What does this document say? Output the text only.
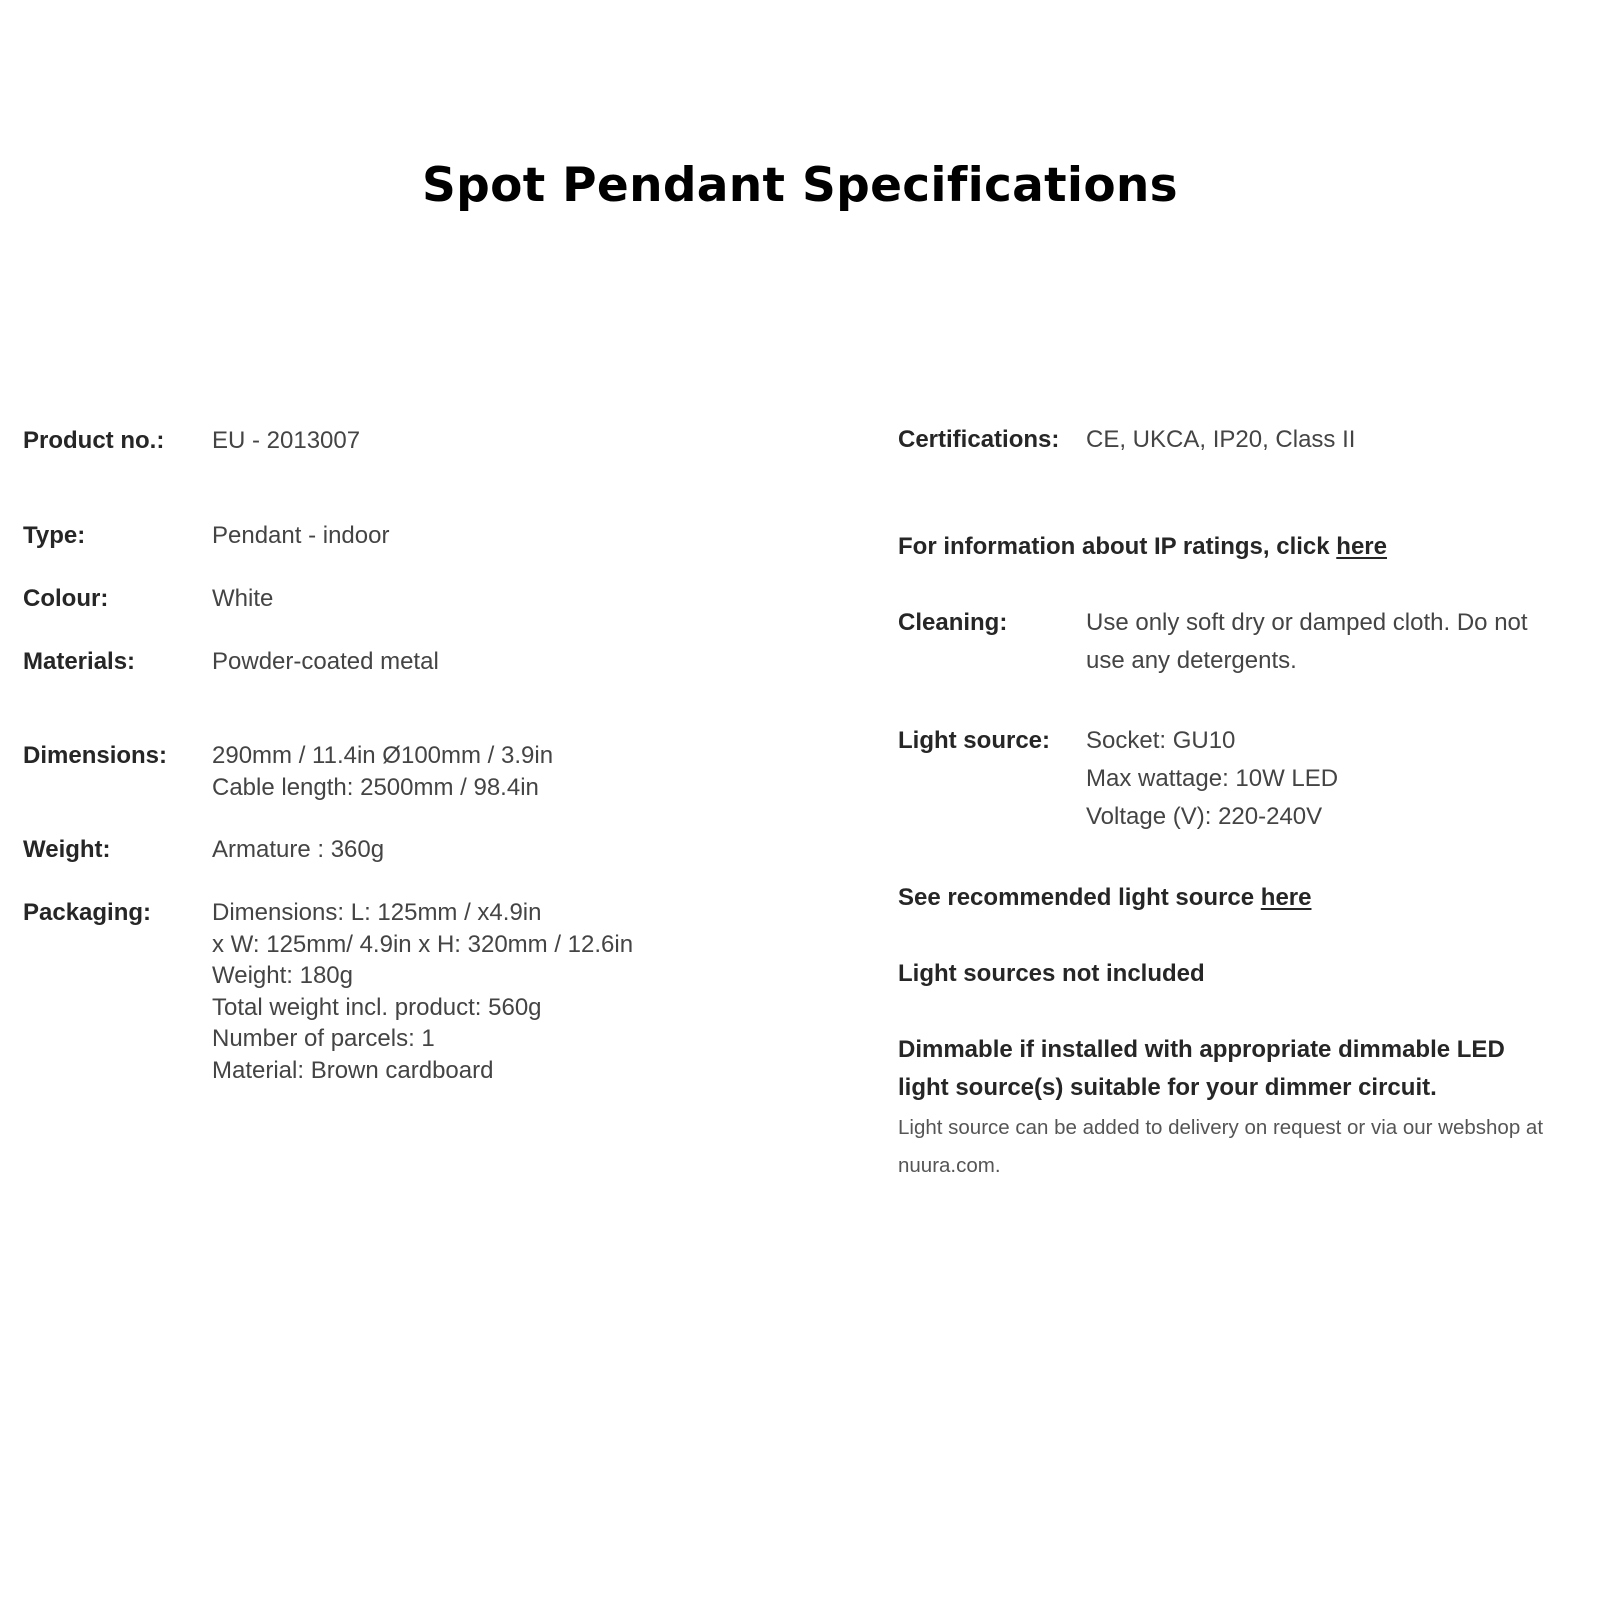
Spot Pendant Specifications
Product no.: EU - 2013007
Type:	Pendant - indoor
Colour:	White
Materials:	Powder-coated metal
Dimensions: 290mm / 11.4in Ø100mm / 3.9in
Cable length: 2500mm / 98.4in
Weight:	Armature : 360g
Packaging:	Dimensions: L: 125mm / x4.9in
x W: 125mm/ 4.9in x H: 320mm / 12.6in
Weight: 180g
Total weight incl. product: 560g
Number of parcels: 1
Material: Brown cardboard
Certifications: CE, UKCA, IP20, Class II
For information about IP ratings, click here
Cleaning:	Use only soft dry or damped cloth. Do not
use any detergents.
Light source: Socket: GU10
Max wattage: 10W LED
Voltage (V): 220-240V
See recommended light source here
Light sources not included
Dimmable if installed with appropriate dimmable LED
light source(s) suitable for your dimmer circuit.
Light source can be added to delivery on request or via our webshop at
nuura.com.
